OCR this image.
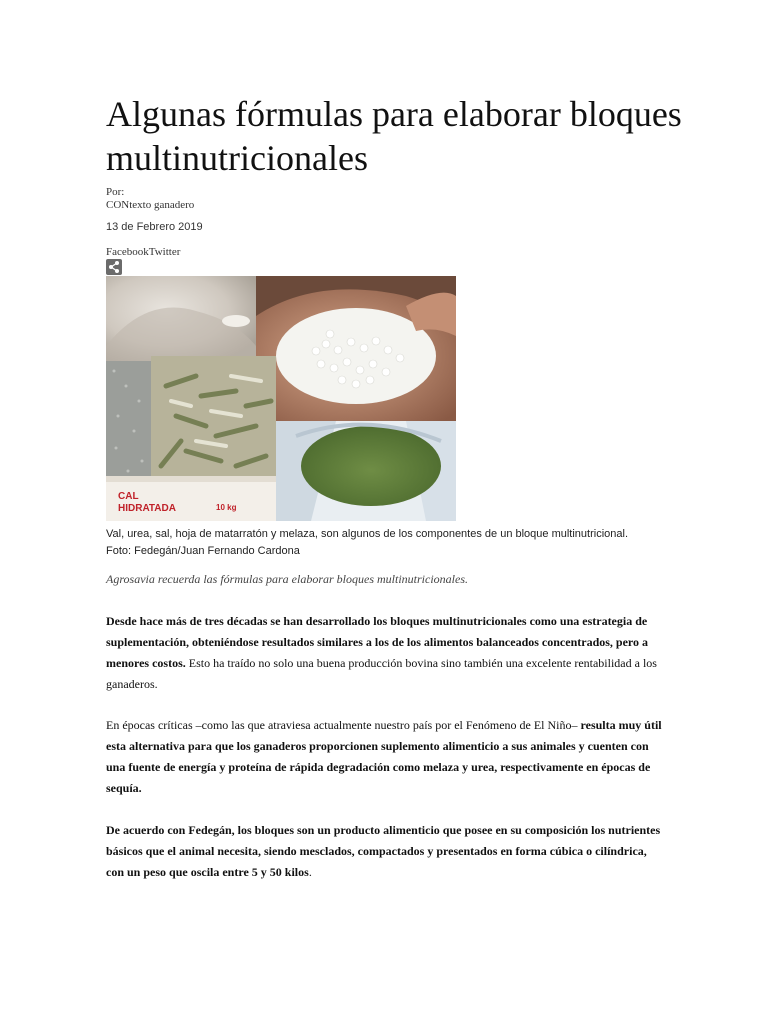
Algunas fórmulas para elaborar bloques multinutricionales
Por:
CONtexto ganadero
13 de Febrero 2019
FacebookTwitter
CAL
HIDRATADA	10 kg
Val, urea, sal, hoja de matarratón y melaza, son algunos de los componentes de un bloque multinutricional.
Foto: Fedegán/Juan Fernando Cardona
Agrosavia recuerda las fórmulas para elaborar bloques multinutricionales.

Desde hace más de tres décadas se han desarrollado los bloques multinutricionales como una estrategia de suplementación, obteniéndose resultados similares a los de los alimentos balanceados concentrados, pero a menores costos. Esto ha traído no solo una buena producción bovina sino también una excelente rentabilidad a los ganaderos.

En épocas críticas –como las que atraviesa actualmente nuestro país por el Fenómeno de El Niño– resulta muy útil esta alternativa para que los ganaderos proporcionen suplemento alimenticio a sus animales y cuenten con una fuente de energía y proteína de rápida degradación como melaza y urea, respectivamente en épocas de sequía.

De acuerdo con Fedegán, los bloques son un producto alimenticio que posee en su composición los nutrientes básicos que el animal necesita, siendo mesclados, compactados y presentados en forma cúbica o cilíndrica, con un peso que oscila entre 5 y 50 kilos.
